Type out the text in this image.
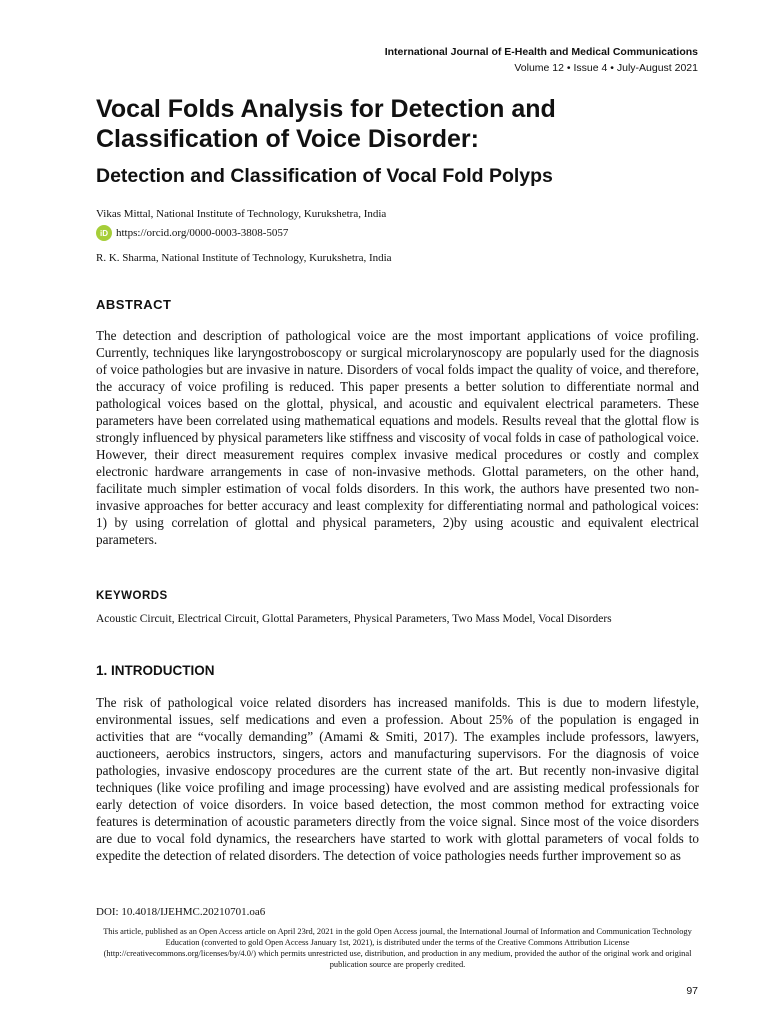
International Journal of E-Health and Medical Communications
Volume 12 • Issue 4 • July-August 2021
Vocal Folds Analysis for Detection and Classification of Voice Disorder:
Detection and Classification of Vocal Fold Polyps
Vikas Mittal, National Institute of Technology, Kurukshetra, India
iD https://orcid.org/0000-0003-3808-5057
R. K. Sharma, National Institute of Technology, Kurukshetra, India
ABSTRACT

The detection and description of pathological voice are the most important applications of voice profiling. Currently, techniques like laryngostroboscopy or surgical microlarynoscopy are popularly used for the diagnosis of voice pathologies but are invasive in nature. Disorders of vocal folds impact the quality of voice, and therefore, the accuracy of voice profiling is reduced. This paper presents a better solution to differentiate normal and pathological voices based on the glottal, physical, and acoustic and equivalent electrical parameters. These parameters have been correlated using mathematical equations and models. Results reveal that the glottal flow is strongly influenced by physical parameters like stiffness and viscosity of vocal folds in case of pathological voice. However, their direct measurement requires complex invasive medical procedures or costly and complex electronic hardware arrangements in case of non-invasive methods. Glottal parameters, on the other hand, facilitate much simpler estimation of vocal folds disorders. In this work, the authors have presented two non-invasive approaches for better accuracy and least complexity for differentiating normal and pathological voices: 1) by using correlation of glottal and physical parameters, 2)by using acoustic and equivalent electrical parameters.

KEYWORDS
Acoustic Circuit, Electrical Circuit, Glottal Parameters, Physical Parameters, Two Mass Model, Vocal Disorders
1. INTRODUCTION

The risk of pathological voice related disorders has increased manifolds. This is due to modern lifestyle, environmental issues, self medications and even a profession. About 25% of the population is engaged in activities that are “vocally demanding” (Amami & Smiti, 2017). The examples include professors, lawyers, auctioneers, aerobics instructors, singers, actors and manufacturing supervisors. For the diagnosis of voice pathologies, invasive endoscopy procedures are the current state of the art. But recently non-invasive digital techniques (like voice profiling and image processing) have evolved and are assisting medical professionals for early detection of voice disorders. In voice based detection, the most common method for extracting voice features is determination of acoustic parameters directly from the voice signal. Since most of the voice disorders are due to vocal fold dynamics, the researchers have started to work with glottal parameters of vocal folds to expedite the detection of related disorders. The detection of voice pathologies needs further improvement so as

DOI: 10.4018/IJEHMC.20210701.oa6
This article, published as an Open Access article on April 23rd, 2021 in the gold Open Access journal, the International Journal of Information and Communication Technology Education (converted to gold Open Access January 1st, 2021), is distributed under the terms of the Creative Commons Attribution License (http://creativecommons.org/licenses/by/4.0/) which permits unrestricted use, distribution, and production in any medium, provided the author of the original work and original publication source are properly credited.
97
